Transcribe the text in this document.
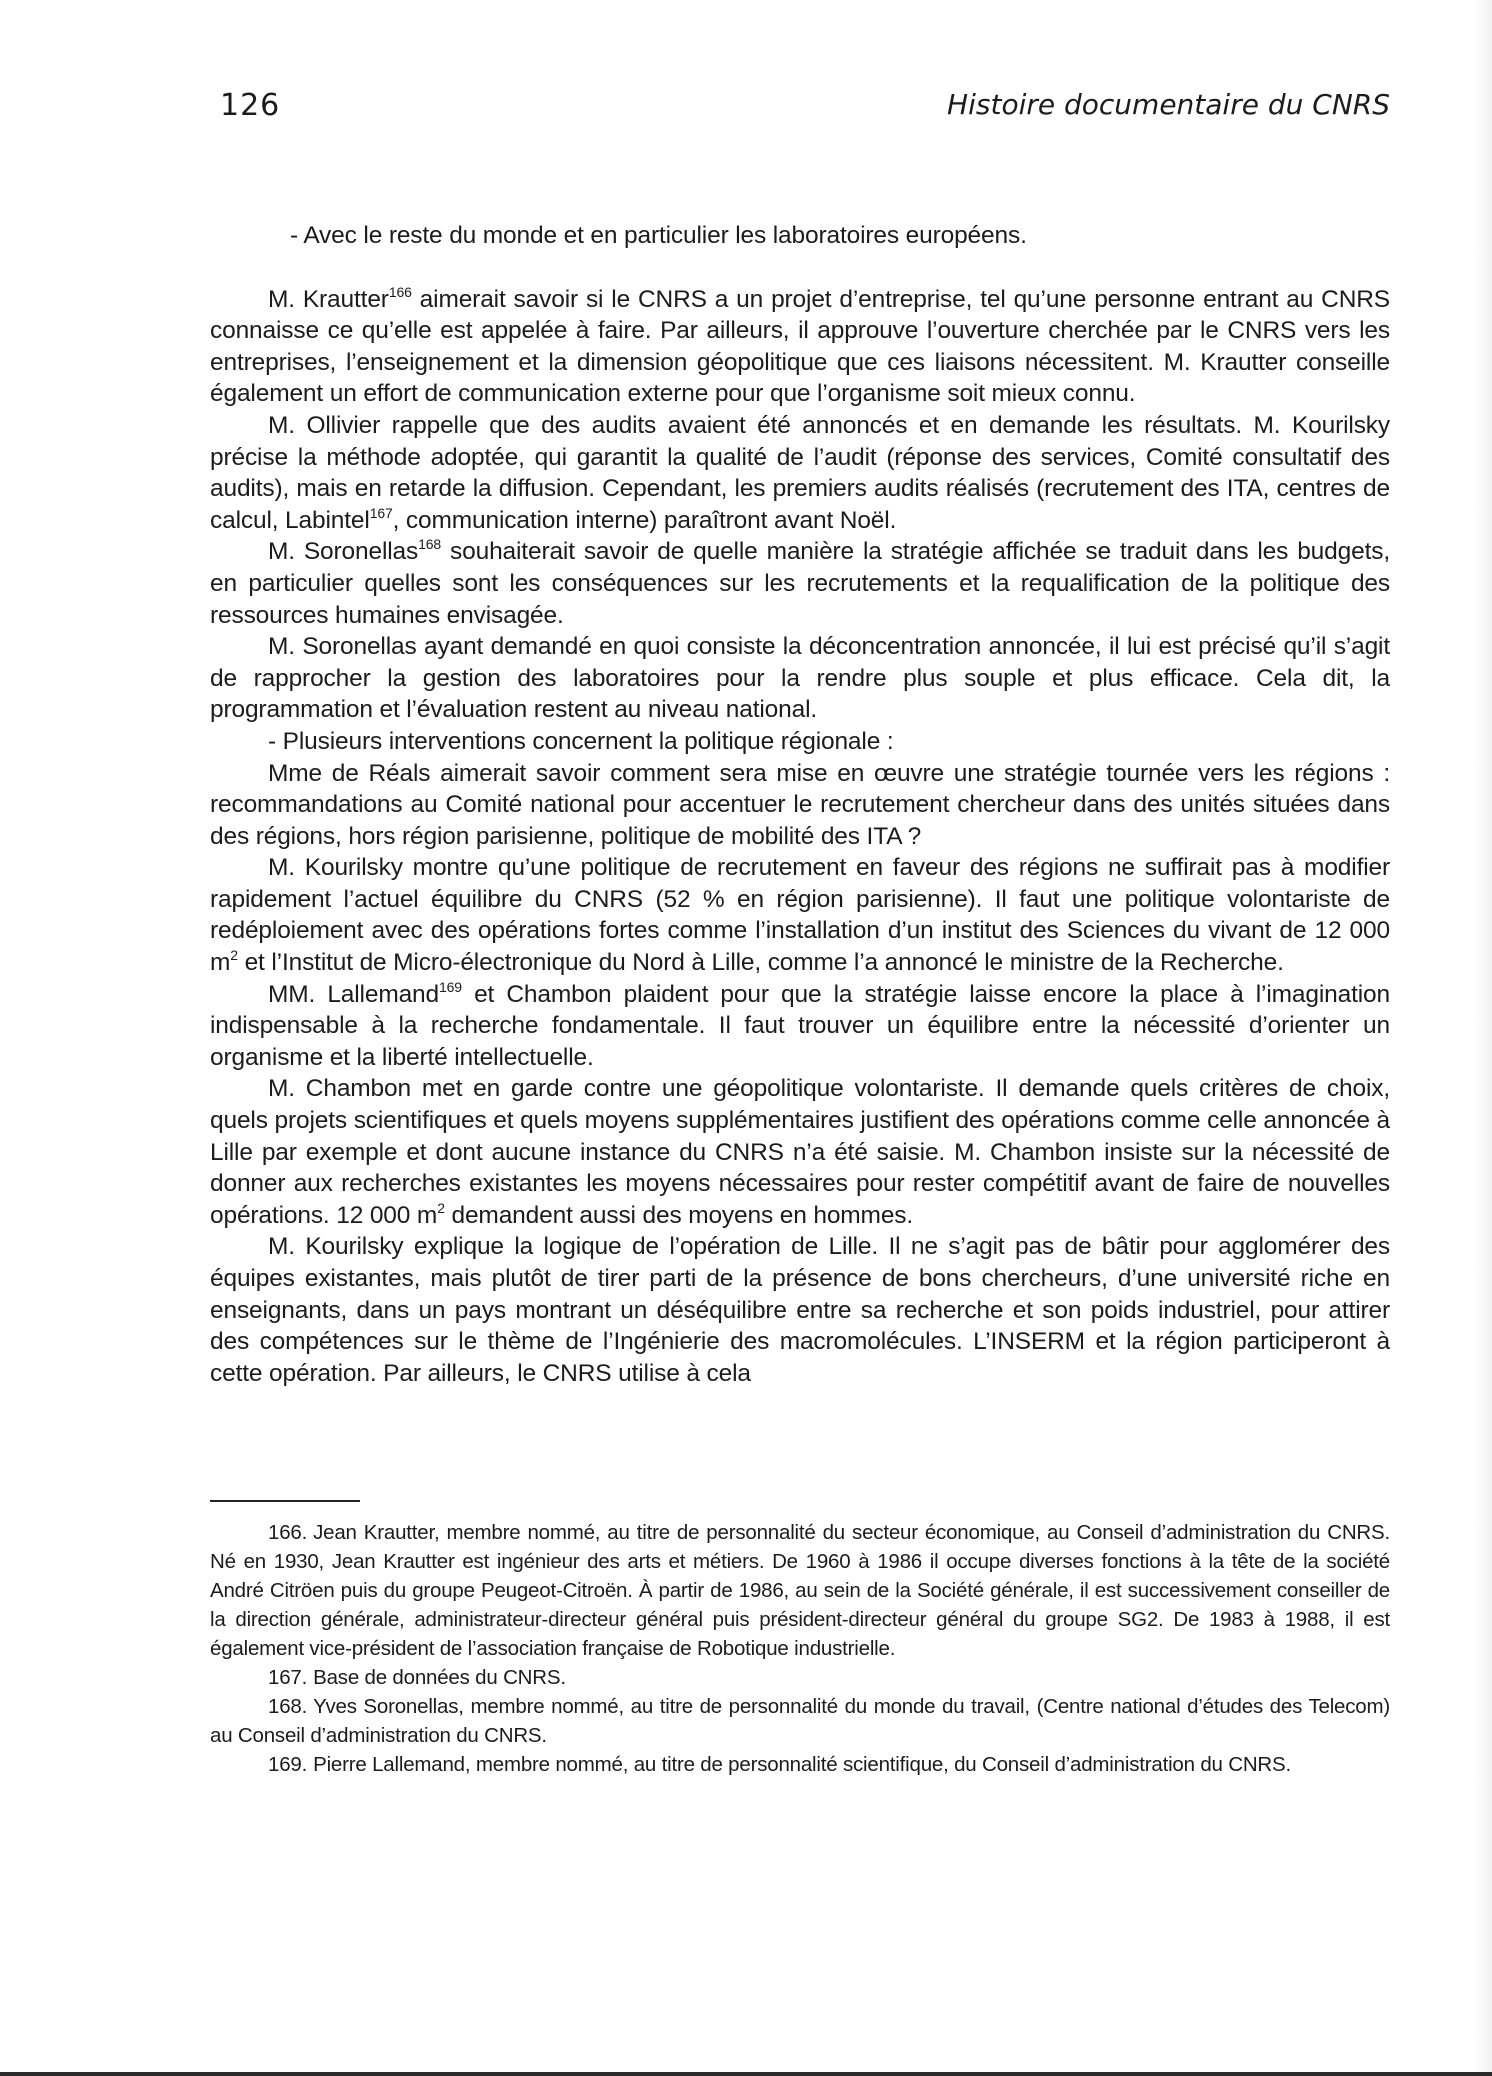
126	Histoire documentaire du CNRS

- Avec le reste du monde et en particulier les laboratoires européens.

M. Krautter$^{166}$ aimerait savoir si le CNRS a un projet d’entreprise, tel qu’une personne entrant au CNRS connaisse ce qu’elle est appelée à faire. Par ailleurs, il approuve l’ouverture cherchée par le CNRS vers les entreprises, l’enseignement et la dimension géopolitique que ces liaisons nécessitent. M. Krautter conseille également un effort de communication externe pour que l’organisme soit mieux connu.

M. Ollivier rappelle que des audits avaient été annoncés et en demande les résultats. M. Kourilsky précise la méthode adoptée, qui garantit la qualité de l’audit (réponse des services, Comité consultatif des audits), mais en retarde la diffusion. Cependant, les premiers audits réalisés (recrutement des ITA, centres de calcul, Labintel$^{167}$, communication interne) paraîtront avant Noël.

M. Soronellas$^{168}$ souhaiterait savoir de quelle manière la stratégie affichée se traduit dans les budgets, en particulier quelles sont les conséquences sur les recrutements et la requalification de la politique des ressources humaines envisagée.

M. Soronellas ayant demandé en quoi consiste la déconcentration annoncée, il lui est précisé qu’il s’agit de rapprocher la gestion des laboratoires pour la rendre plus souple et plus efficace. Cela dit, la programmation et l’évaluation restent au niveau national.

- Plusieurs interventions concernent la politique régionale :

Mme de Réals aimerait savoir comment sera mise en œuvre une stratégie tournée vers les régions : recommandations au Comité national pour accentuer le recrutement chercheur dans des unités situées dans des régions, hors région parisienne, politique de mobilité des ITA ?

M. Kourilsky montre qu’une politique de recrutement en faveur des régions ne suffirait pas à modifier rapidement l’actuel équilibre du CNRS (52 % en région parisienne). Il faut une politique volontariste de redéploiement avec des opérations fortes comme l’installation d’un institut des Sciences du vivant de 12 000 $m^2$ et l’Institut de Micro-électronique du Nord à Lille, comme l’a annoncé le ministre de la Recherche.

MM. Lallemand$^{169}$ et Chambon plaident pour que la stratégie laisse encore la place à l’imagination indispensable à la recherche fondamentale. Il faut trouver un équilibre entre la nécessité d’orienter un organisme et la liberté intellectuelle.

M. Chambon met en garde contre une géopolitique volontariste. Il demande quels critères de choix, quels projets scientifiques et quels moyens supplémentaires justifient des opérations comme celle annoncée à Lille par exemple et dont aucune instance du CNRS n’a été saisie. M. Chambon insiste sur la nécessité de donner aux recherches existantes les moyens nécessaires pour rester compétitif avant de faire de nouvelles opérations. 12 000 $m^2$ demandent aussi des moyens en hommes.

M. Kourilsky explique la logique de l’opération de Lille. Il ne s’agit pas de bâtir pour agglomérer des équipes existantes, mais plutôt de tirer parti de la présence de bons chercheurs, d’une université riche en enseignants, dans un pays montrant un déséquilibre entre sa recherche et son poids industriel, pour attirer des compétences sur le thème de l’Ingénierie des macromolécules. L’INSERM et la région participeront à cette opération. Par ailleurs, le CNRS utilise à cela

166. Jean Krautter, membre nommé, au titre de personnalité du secteur économique, au Conseil d’administration du CNRS. Né en 1930, Jean Krautter est ingénieur des arts et métiers. De 1960 à 1986 il occupe diverses fonctions à la tête de la société André Citröen puis du groupe Peugeot-Citroën. À partir de 1986, au sein de la Société générale, il est successivement conseiller de la direction générale, administrateur-directeur général puis président-directeur général du groupe SG2. De 1983 à 1988, il est également vice-président de l’association française de Robotique industrielle.

167. Base de données du CNRS.

168. Yves Soronellas, membre nommé, au titre de personnalité du monde du travail, (Centre national d’études des Telecom) au Conseil d’administration du CNRS.

169. Pierre Lallemand, membre nommé, au titre de personnalité scientifique, du Conseil d’administration du CNRS.
